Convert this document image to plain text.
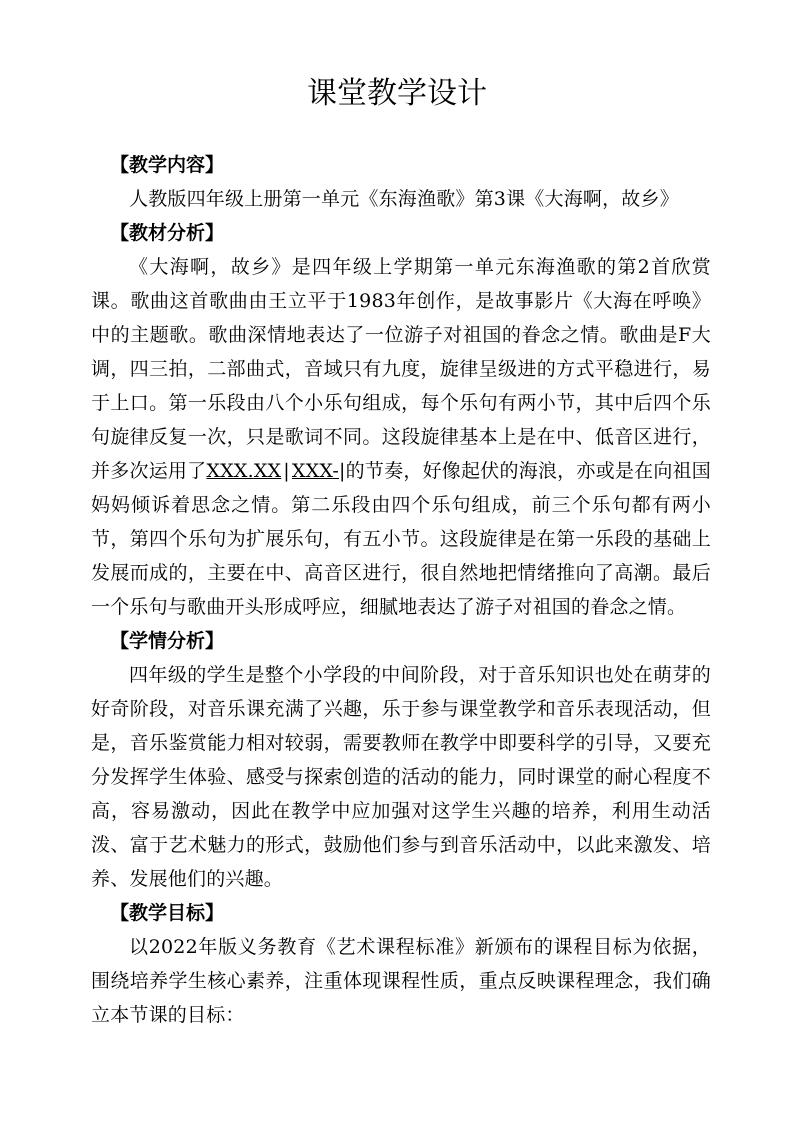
课堂教学设计
【教学内容】
人教版四年级上册第一单元《东海渔歌》第3课《大海啊，故乡》
【教材分析】
《大海啊，故乡》是四年级上学期第一单元东海渔歌的第2首欣赏课。歌曲这首歌曲由王立平于1983年创作，是故事影片《大海在呼唤》中的主题歌。歌曲深情地表达了一位游子对祖国的眷念之情。歌曲是F大调，四三拍，二部曲式，音域只有九度，旋律呈级进的方式平稳进行，易于上口。第一乐段由八个小乐句组成，每个乐句有两小节，其中后四个乐句旋律反复一次，只是歌词不同。这段旋律基本上是在中、低音区进行，并多次运用了XXX.XX | XXX-|的节奏，好像起伏的海浪，亦或是在向祖国妈妈倾诉着思念之情。第二乐段由四个乐句组成，前三个乐句都有两小节，第四个乐句为扩展乐句，有五小节。这段旋律是在第一乐段的基础上发展而成的，主要在中、高音区进行，很自然地把情绪推向了高潮。最后一个乐句与歌曲开头形成呼应，细腻地表达了游子对祖国的眷念之情。
【学情分析】
四年级的学生是整个小学段的中间阶段，对于音乐知识也处在萌芽的好奇阶段，对音乐课充满了兴趣，乐于参与课堂教学和音乐表现活动，但是，音乐鉴赏能力相对较弱，需要教师在教学中即要科学的引导，又要充分发挥学生体验、感受与探索创造的活动的能力，同时课堂的耐心程度不高，容易激动，因此在教学中应加强对这学生兴趣的培养，利用生动活泼、富于艺术魅力的形式，鼓励他们参与到音乐活动中，以此来激发、培养、发展他们的兴趣。
【教学目标】
以2022年版义务教育《艺术课程标准》新颁布的课程目标为依据，围绕培养学生核心素养，注重体现课程性质，重点反映课程理念，我们确立本节课的目标：
